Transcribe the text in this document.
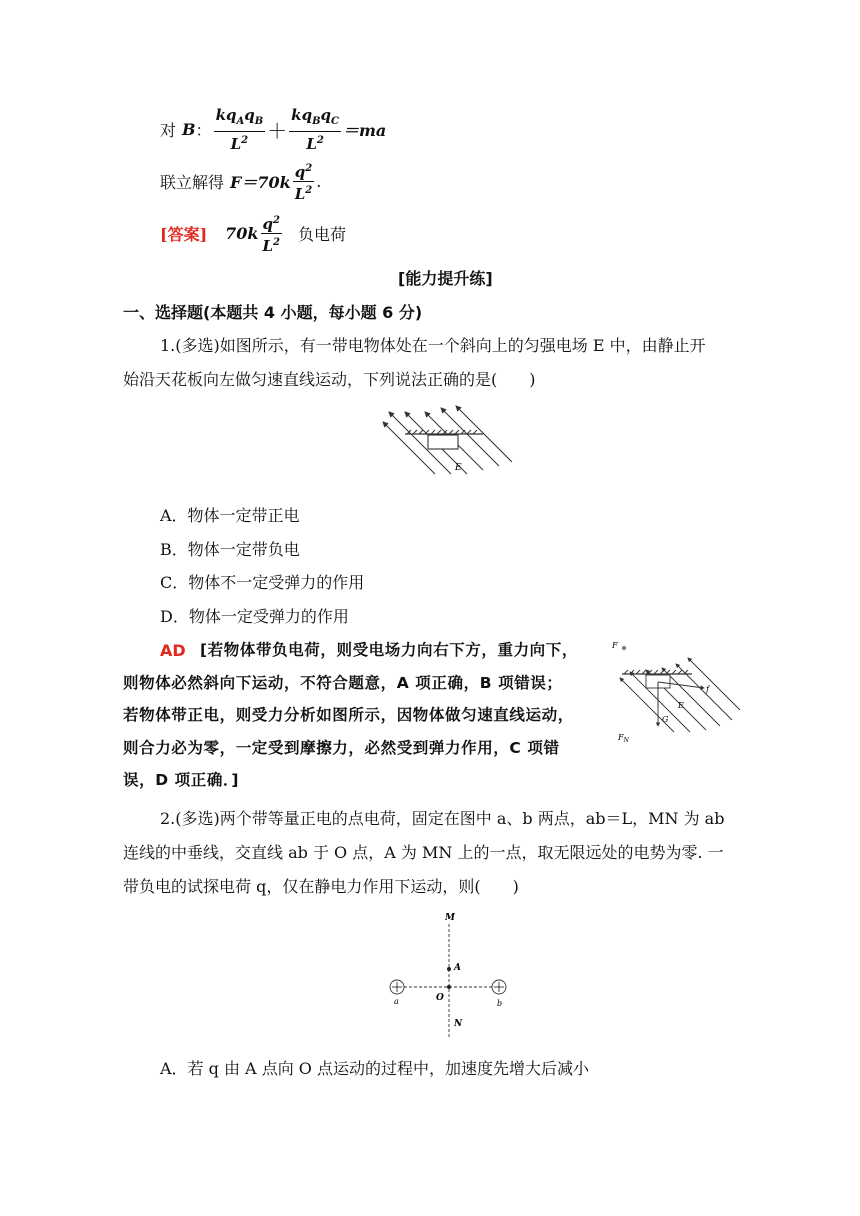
对 B ： $\frac{kq_Aq_B}{L^2} + \frac{kq_Bq_C}{L^2} =ma$
联立解得 $F=70k \frac{q^2}{L^2}$ .
[答案] $70k \frac{q^2}{L^2}$ 负电荷
[能力提升练]
一、选择题(本题共 4 小题，每小题 6 分)
1.(多选)如图所示，有一带电物体处在一个斜向上的匀强电场 E 中，由静止开
始沿天花板向左做匀速直线运动，下列说法正确的是(　　)
E
A．物体一定带正电
B．物体一定带负电
C．物体不一定受弹力的作用
D．物体一定受弹力的作用
AD [若物体带负电荷，则受电场力向右下方，重力向下，
则物体必然斜向下运动，不符合题意，A 项正确，B 项错误；
若物体带正电，则受力分析如图所示，因物体做匀速直线运动，
则合力必为零，一定受到摩擦力，必然受到弹力作用，C 项错
误，D 项正确．]
F
f
E
G
$F_N$
2.(多选)两个带等量正电的点电荷，固定在图中 a、b 两点，ab＝L，MN 为 ab
连线的中垂线，交直线 ab 于 O 点，A 为 MN 上的一点，取无限远处的电势为零. 一
带负电的试探电荷 q，仅在静电力作用下运动，则(　　)
M
A
O
N
a	b
A．若 q 由 A 点向 O 点运动的过程中，加速度先增大后减小
